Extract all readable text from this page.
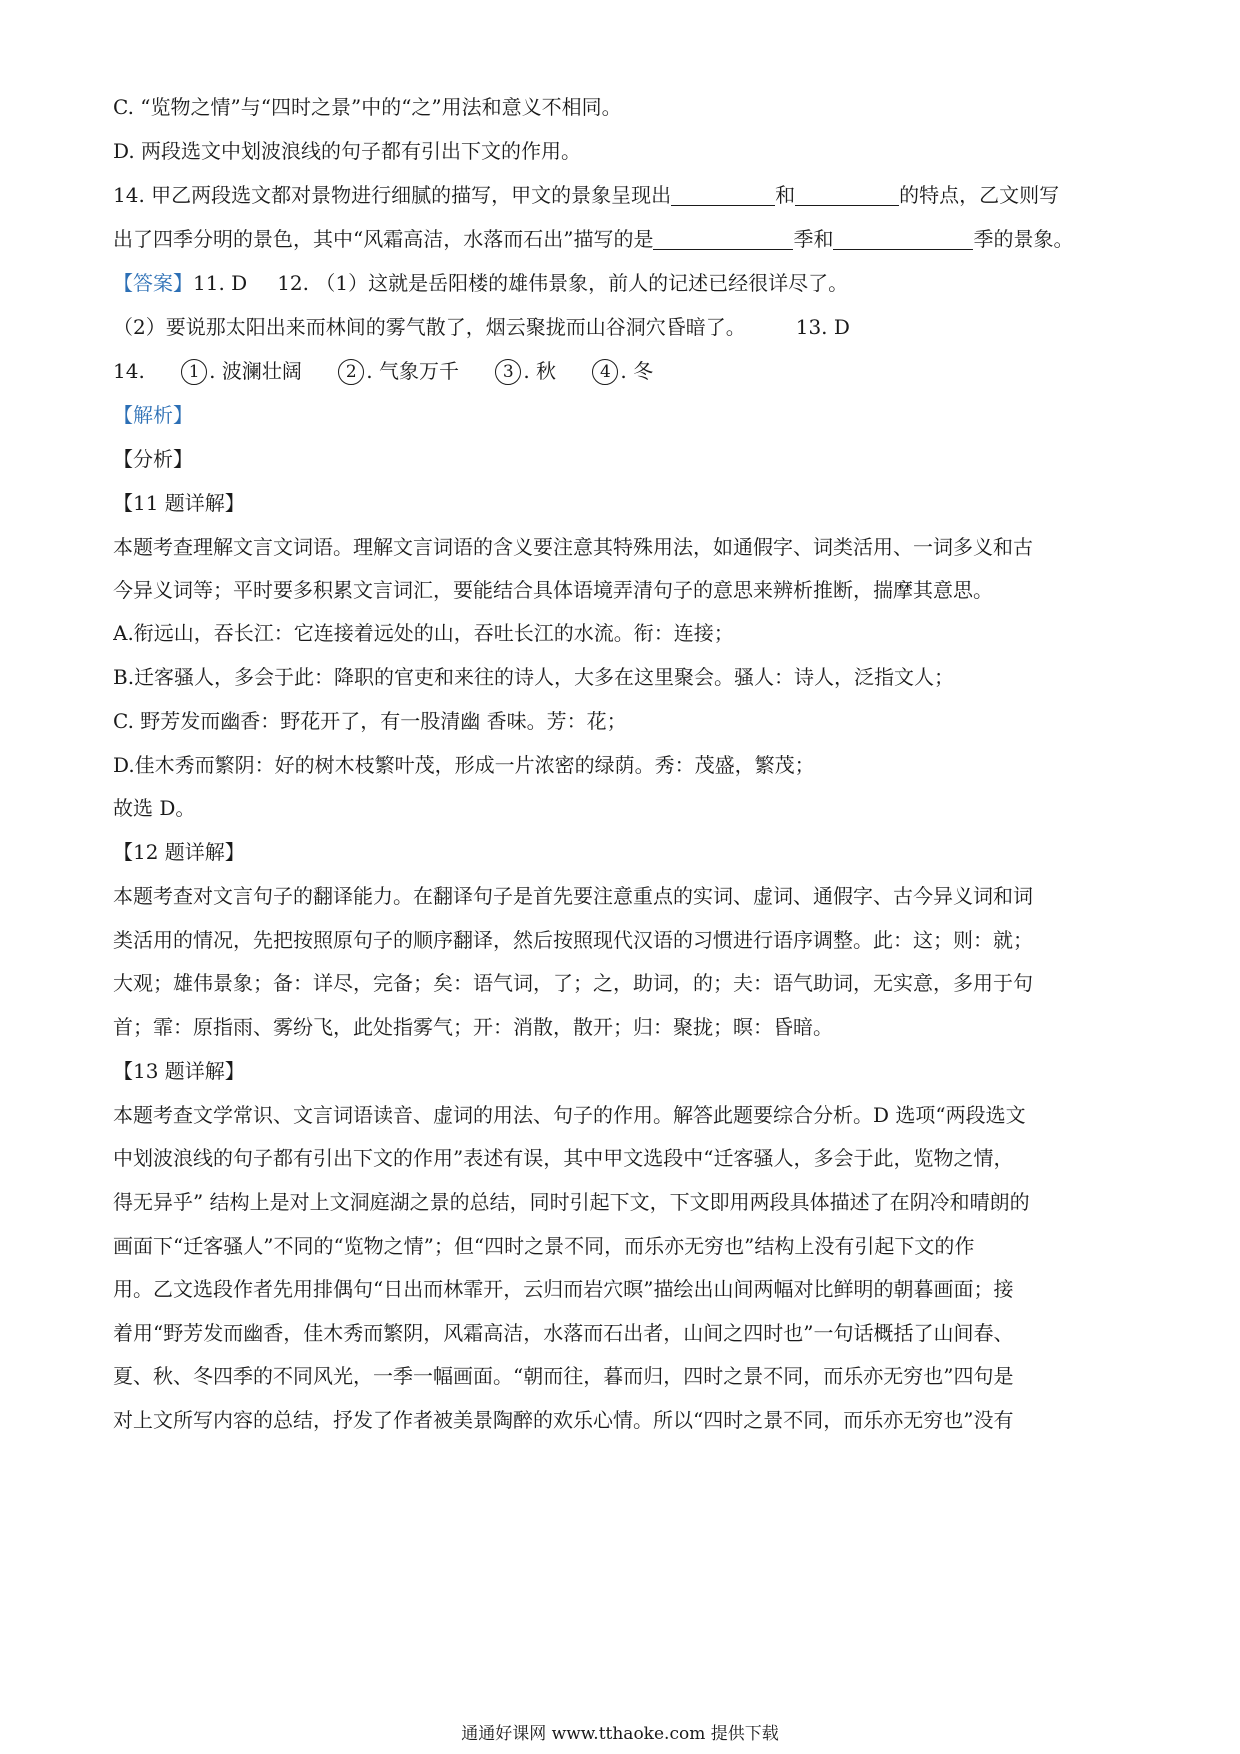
C. “览物之情”与“四时之景”中的“之”用法和意义不相同。
D. 两段选文中划波浪线的句子都有引出下文的作用。
14. 甲乙两段选文都对景物进行细腻的描写，甲文的景象呈现出	和	的特点，乙文则写
出了四季分明的景色，其中“风霜高洁，水落而石出”描写的是	季和	季的景象。
【答案】11. D 12. （1）这就是岳阳楼的雄伟景象，前人的记述已经很详尽了。
（2）要说那太阳出来而林间的雾气散了，烟云聚拢而山谷洞穴昏暗了。	13. D
14.	1 . 波澜壮阔	2 . 气象万千	3 . 秋	4 . 冬
【解析】
【分析】
【11 题详解】
本题考查理解文言文词语。理解文言词语的含义要注意其特殊用法，如通假字、词类活用、一词多义和古
今异义词等；平时要多积累文言词汇，要能结合具体语境弄清句子的意思来辨析推断，揣摩其意思。
A.衔远山，吞长江：它连接着远处的山，吞吐长江的水流。衔：连接；
B.迁客骚人，多会于此：降职的官吏和来往的诗人，大多在这里聚会。骚人：诗人，泛指文人；
C. 野芳发而幽香：野花开了，有一股清幽 香味。芳：花；
D.佳木秀而繁阴：好的树木枝繁叶茂，形成一片浓密的绿荫。秀：茂盛，繁茂；
故选 D。
【12 题详解】
本题考查对文言句子的翻译能力。在翻译句子是首先要注意重点的实词、虚词、通假字、古今异义词和词
类活用的情况，先把按照原句子的顺序翻译，然后按照现代汉语的习惯进行语序调整。此：这；则：就；
大观；雄伟景象；备：详尽，完备；矣：语气词，了；之，助词，的；夫：语气助词，无实意，多用于句
首；霏：原指雨、雾纷飞，此处指雾气；开：消散，散开；归：聚拢；暝：昏暗。
【13 题详解】
本题考查文学常识、文言词语读音、虚词的用法、句子的作用。解答此题要综合分析。D 选项“两段选文
中划波浪线的句子都有引出下文的作用”表述有误，其中甲文选段中“迁客骚人，多会于此，览物之情，
得无异乎” 结构上是对上文洞庭湖之景的总结，同时引起下文，下文即用两段具体描述了在阴冷和晴朗的
画面下“迁客骚人”不同的“览物之情”；但“四时之景不同，而乐亦无穷也”结构上没有引起下文的作
用。乙文选段作者先用排偶句“日出而林霏开，云归而岩穴暝”描绘出山间两幅对比鲜明的朝暮画面；接
着用“野芳发而幽香，佳木秀而繁阴，风霜高洁，水落而石出者，山间之四时也”一句话概括了山间春、
夏、秋、冬四季的不同风光，一季一幅画面。“朝而往，暮而归，四时之景不同，而乐亦无穷也”四句是
对上文所写内容的总结，抒发了作者被美景陶醉的欢乐心情。所以“四时之景不同，而乐亦无穷也”没有
通通好课网 www.tthaoke.com 提供下载
